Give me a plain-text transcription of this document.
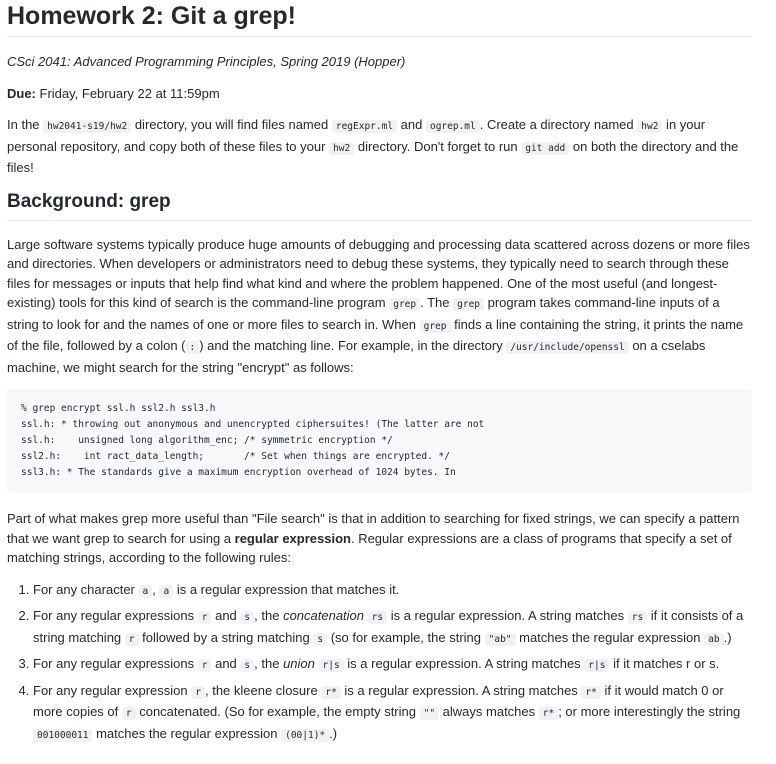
Homework 2: Git a grep!

CSci 2041: Advanced Programming Principles, Spring 2019 (Hopper)

Due: Friday, February 22 at 11:59pm

In the hw2041-s19/hw2 directory, you will find files named regExpr.ml and ogrep.ml . Create a directory named hw2 in your personal repository, and copy both of these files to your hw2 directory. Don't forget to run git add on both the directory and the files!

Background: grep

Large software systems typically produce huge amounts of debugging and processing data scattered across dozens or more files and directories. When developers or administrators need to debug these systems, they typically need to search through these files for messages or inputs that help find what kind and where the problem happened. One of the most useful (and longest-existing) tools for this kind of search is the command-line program grep . The grep program takes command-line inputs of a string to look for and the names of one or more files to search in. When grep finds a line containing the string, it prints the name of the file, followed by a colon ( : ) and the matching line. For example, in the directory /usr/include/openssl on a cselabs machine, we might search for the string "encrypt" as follows:

% grep encrypt ssl.h ssl2.h ssl3.h
ssl.h: * throwing out anonymous and unencrypted ciphersuites! (The latter are not
ssl.h:    unsigned long algorithm_enc; /* symmetric encryption */
ssl2.h:    int ract_data_length;       /* Set when things are encrypted. */
ssl3.h: * The standards give a maximum encryption overhead of 1024 bytes. In

Part of what makes grep more useful than "File search" is that in addition to searching for fixed strings, we can specify a pattern that we want grep to search for using a regular expression. Regular expressions are a class of programs that specify a set of matching strings, according to the following rules:

1. For any character a , a is a regular expression that matches it.
2. For any regular expressions r and s , the concatenation rs is a regular expression. A string matches rs if it consists of a string matching r followed by a string matching s (so for example, the string "ab" matches the regular expression ab .)
3. For any regular expressions r and s , the union r|s is a regular expression. A string matches r|s if it matches r or s.
4. For any regular expression r , the kleene closure r* is a regular expression. A string matches r* if it would match 0 or more copies of r concatenated. (So for example, the empty string "" always matches r* ; or more interestingly the string 001000011 matches the regular expression (00|1)* .)
